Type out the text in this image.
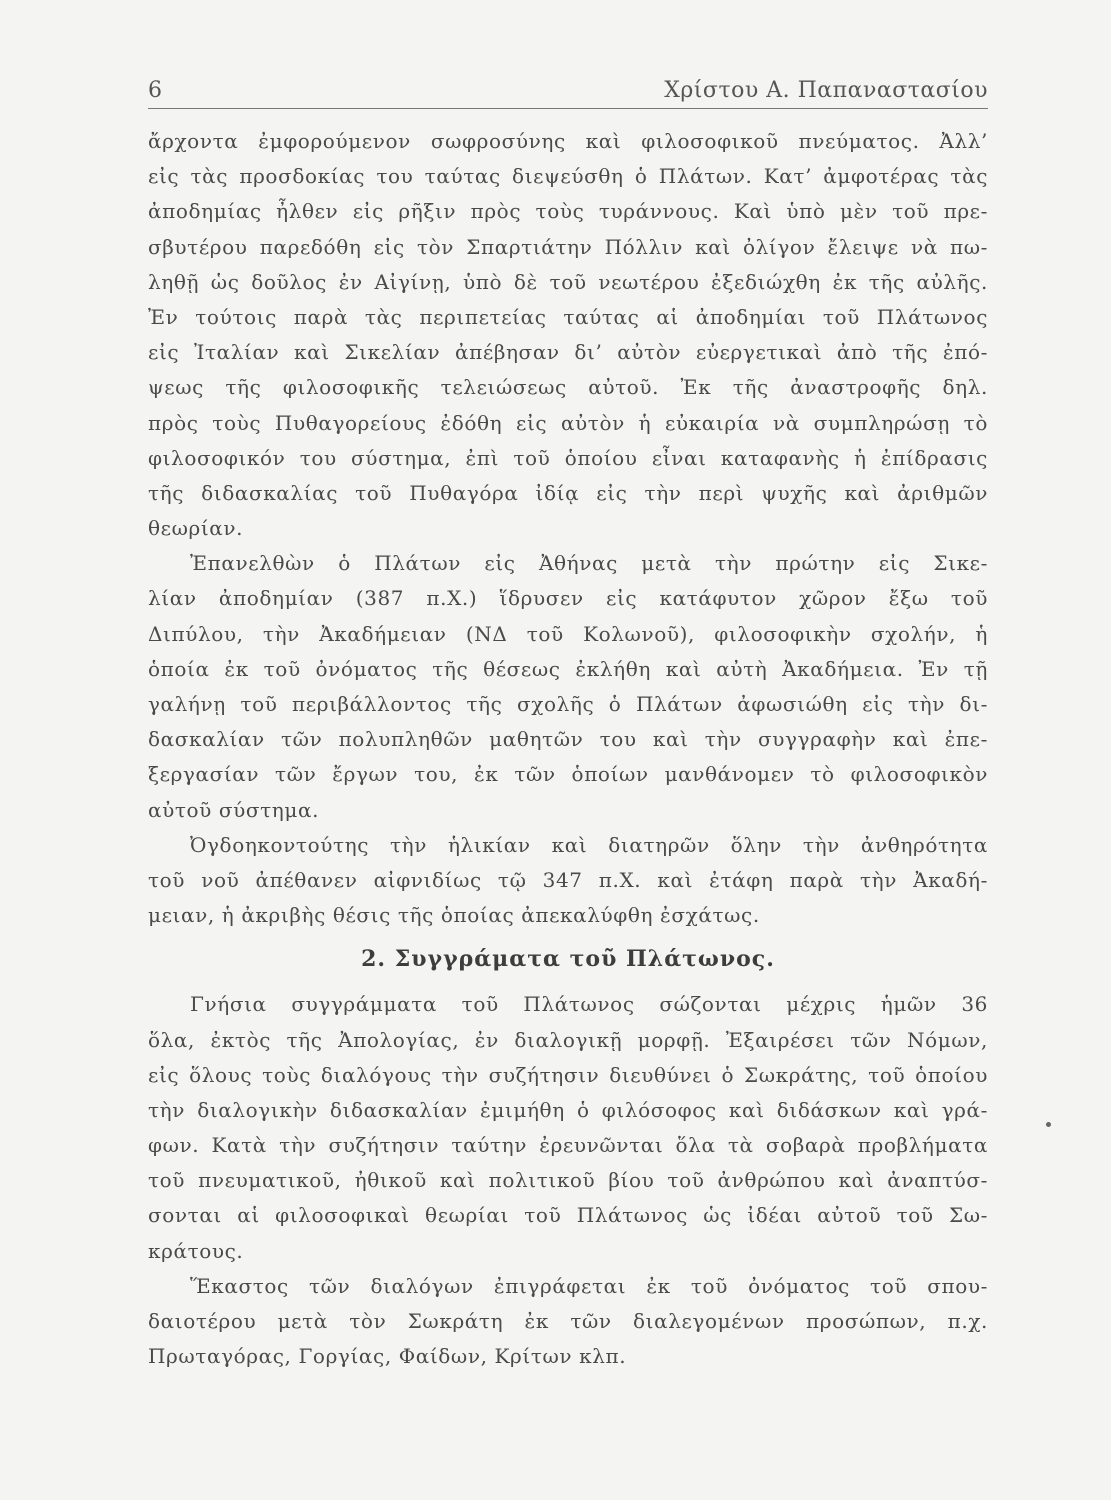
6	Χρίστου Α. Παπαναστασίου
ἄρχοντα ἐμφορούμενον σωφροσύνης καὶ φιλοσοφικοῦ πνεύματος. Ἀλλ’
εἰς τὰς προσδοκίας του ταύτας διεψεύσθη ὁ Πλάτων. Κατ’ ἀμφοτέρας τὰς
ἀποδημίας ἦλθεν εἰς ρῆξιν πρὸς τοὺς τυράννους. Καὶ ὑπὸ μὲν τοῦ πρε-
σβυτέρου παρεδόθη εἰς τὸν Σπαρτιάτην Πόλλιν καὶ ὀλίγον ἔλειψε νὰ πω-
ληθῇ ὡς δοῦλος ἐν Αἰγίνῃ, ὑπὸ δὲ τοῦ νεωτέρου ἐξεδιώχθη ἐκ τῆς αὐλῆς.
Ἐν τούτοις παρὰ τὰς περιπετείας ταύτας αἱ ἀποδημίαι τοῦ Πλάτωνος
εἰς Ἰταλίαν καὶ Σικελίαν ἀπέβησαν δι’ αὐτὸν εὐεργετικαὶ ἀπὸ τῆς ἐπό-
ψεως τῆς φιλοσοφικῆς τελειώσεως αὐτοῦ. Ἐκ τῆς ἀναστροφῆς δηλ.
πρὸς τοὺς Πυθαγορείους ἐδόθη εἰς αὐτὸν ἡ εὐκαιρία νὰ συμπληρώσῃ τὸ
φιλοσοφικόν του σύστημα, ἐπὶ τοῦ ὁποίου εἶναι καταφανὴς ἡ ἐπίδρασις
τῆς διδασκαλίας τοῦ Πυθαγόρα ἰδίᾳ εἰς τὴν περὶ ψυχῆς καὶ ἀριθμῶν
θεωρίαν.
Ἐπανελθὼν ὁ Πλάτων εἰς Ἀθήνας μετὰ τὴν πρώτην εἰς Σικε-
λίαν ἀποδημίαν (387 π.Χ.) ἵδρυσεν εἰς κατάφυτον χῶρον ἔξω τοῦ
Διπύλου, τὴν Ἀκαδήμειαν (ΝΔ τοῦ Κολωνοῦ), φιλοσοφικὴν σχολήν, ἡ
ὁποία ἐκ τοῦ ὀνόματος τῆς θέσεως ἐκλήθη καὶ αὐτὴ Ἀκαδήμεια. Ἐν τῇ
γαλήνῃ τοῦ περιβάλλοντος τῆς σχολῆς ὁ Πλάτων ἀφωσιώθη εἰς τὴν δι-
δασκαλίαν τῶν πολυπληθῶν μαθητῶν του καὶ τὴν συγγραφὴν καὶ ἐπε-
ξεργασίαν τῶν ἔργων του, ἐκ τῶν ὁποίων μανθάνομεν τὸ φιλοσοφικὸν
αὐτοῦ σύστημα.
Ὀγδοηκοντούτης τὴν ἡλικίαν καὶ διατηρῶν ὅλην τὴν ἀνθηρότητα
τοῦ νοῦ ἀπέθανεν αἰφνιδίως τῷ 347 π.Χ. καὶ ἐτάφη παρὰ τὴν Ἀκαδή-
μειαν, ἡ ἀκριβὴς θέσις τῆς ὁποίας ἀπεκαλύφθη ἐσχάτως.
2. Συγγράματα τοῦ Πλάτωνος.
Γνήσια συγγράμματα τοῦ Πλάτωνος σώζονται μέχρις ἡμῶν 36
ὅλα, ἐκτὸς τῆς Ἀπολογίας, ἐν διαλογικῇ μορφῇ. Ἐξαιρέσει τῶν Νόμων,
εἰς ὅλους τοὺς διαλόγους τὴν συζήτησιν διευθύνει ὁ Σωκράτης, τοῦ ὁποίου
τὴν διαλογικὴν διδασκαλίαν ἐμιμήθη ὁ φιλόσοφος καὶ διδάσκων καὶ γρά-
φων. Κατὰ τὴν συζήτησιν ταύτην ἐρευνῶνται ὅλα τὰ σοβαρὰ προβλήματα
τοῦ πνευματικοῦ, ἠθικοῦ καὶ πολιτικοῦ βίου τοῦ ἀνθρώπου καὶ ἀναπτύσ-
σονται αἱ φιλοσοφικαὶ θεωρίαι τοῦ Πλάτωνος ὡς ἰδέαι αὐτοῦ τοῦ Σω-
κράτους.
Ἕκαστος τῶν διαλόγων ἐπιγράφεται ἐκ τοῦ ὀνόματος τοῦ σπου-
δαιοτέρου μετὰ τὸν Σωκράτη ἐκ τῶν διαλεγομένων προσώπων, π.χ.
Πρωταγόρας, Γοργίας, Φαίδων, Κρίτων κλπ.
